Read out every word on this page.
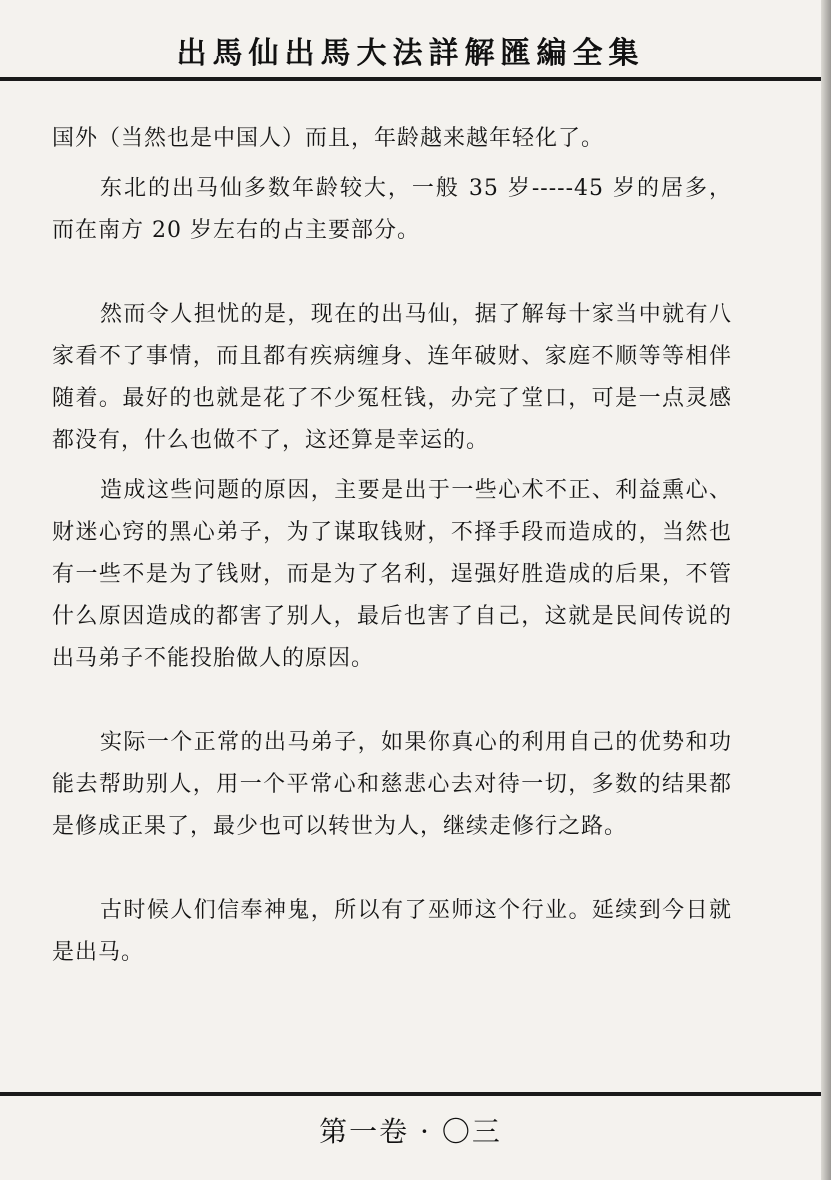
出馬仙出馬大法詳解匯編全集

国外（当然也是中国人）而且，年龄越来越年轻化了。

东北的出马仙多数年龄较大，一般 35 岁-----45 岁的居多，而在南方 20 岁左右的占主要部分。

然而令人担忧的是，现在的出马仙，据了解每十家当中就有八家看不了事情，而且都有疾病缠身、连年破财、家庭不顺等等相伴随着。最好的也就是花了不少冤枉钱，办完了堂口，可是一点灵感都没有，什么也做不了，这还算是幸运的。

造成这些问题的原因，主要是出于一些心术不正、利益熏心、财迷心窍的黑心弟子，为了谋取钱财，不择手段而造成的，当然也有一些不是为了钱财，而是为了名利，逞强好胜造成的后果，不管什么原因造成的都害了别人，最后也害了自己，这就是民间传说的出马弟子不能投胎做人的原因。

实际一个正常的出马弟子，如果你真心的利用自己的优势和功能去帮助别人，用一个平常心和慈悲心去对待一切，多数的结果都是修成正果了，最少也可以转世为人，继续走修行之路。

古时候人们信奉神鬼，所以有了巫师这个行业。延续到今日就是出马。

第一卷 · 〇三
